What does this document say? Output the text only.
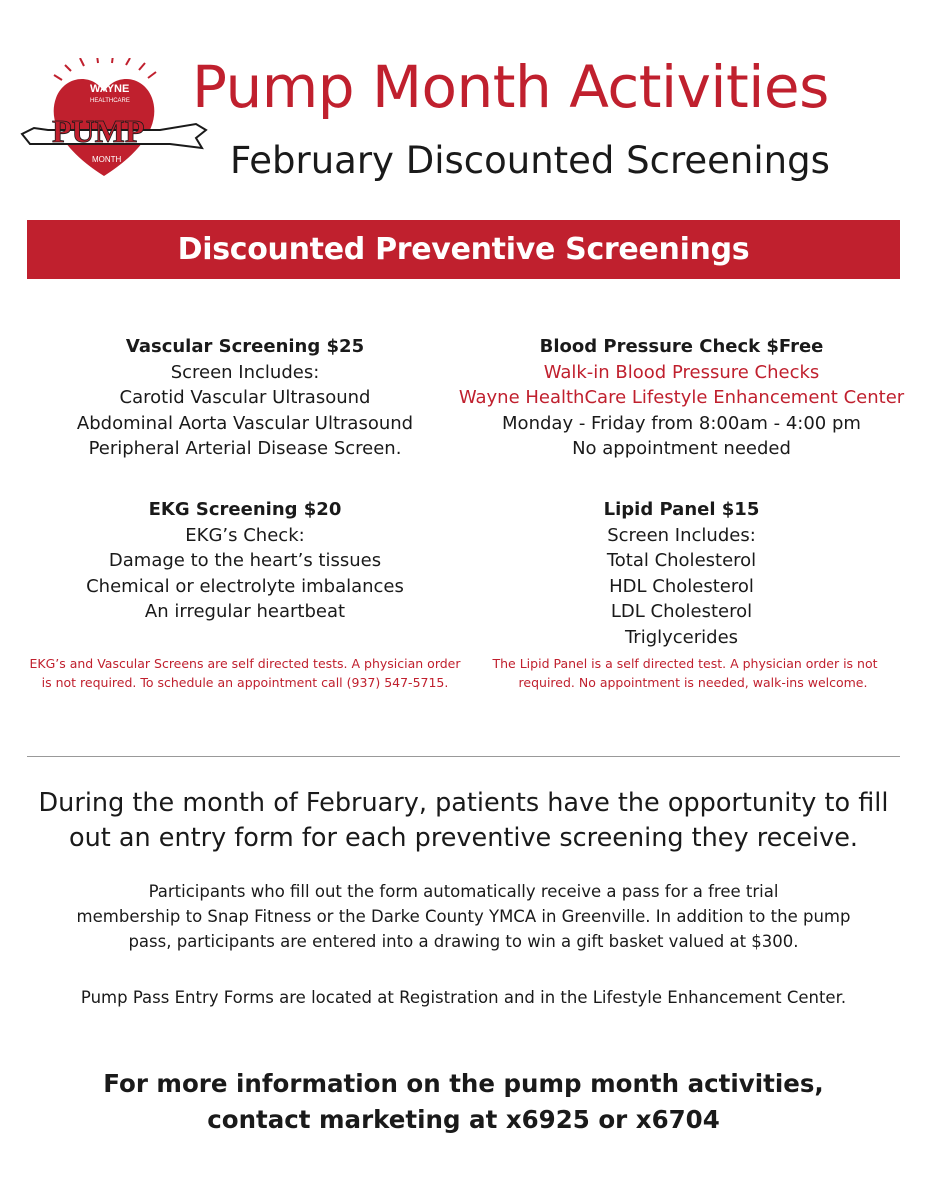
WAYNE
HEALTHCARE
PUMP
MONTH
Pump Month Activities
February Discounted Screenings
Discounted Preventive Screenings
Vascular Screening $25
Screen Includes:
Carotid Vascular Ultrasound
Abdominal Aorta Vascular Ultrasound
Peripheral Arterial Disease Screen.
Blood Pressure Check $Free
Walk-in Blood Pressure Checks
Wayne HealthCare Lifestyle Enhancement Center
Monday - Friday from 8:00am - 4:00 pm
No appointment needed
EKG Screening $20
EKG’s Check:
Damage to the heart’s tissues
Chemical or electrolyte imbalances
An irregular heartbeat
Lipid Panel $15
Screen Includes:
Total Cholesterol
HDL Cholesterol
LDL Cholesterol
Triglycerides
EKG’s and Vascular Screens are self directed tests. A physician order
is not required. To schedule an appointment call (937) 547-5715.
The Lipid Panel is a self directed test. A physician order is not
required. No appointment is needed, walk-ins welcome.
During the month of February, patients have the opportunity to fill
out an entry form for each preventive screening they receive.
Participants who fill out the form automatically receive a pass for a free trial
membership to Snap Fitness or the Darke County YMCA in Greenville. In addition to the pump
pass, participants are entered into a drawing to win a gift basket valued at $300.
Pump Pass Entry Forms are located at Registration and in the Lifestyle Enhancement Center.
For more information on the pump month activities,
contact marketing at x6925 or x6704
